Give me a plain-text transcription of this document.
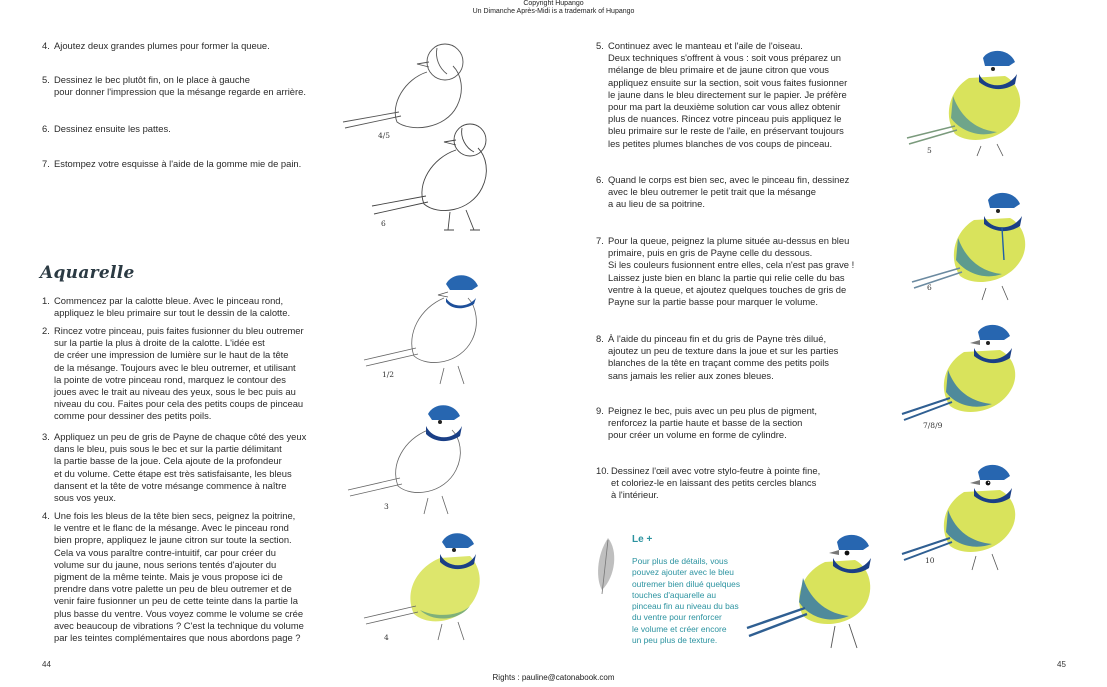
Copyright Hupango
Un Dimanche Après-Midi is a trademark of Hupango
4. Ajoutez deux grandes plumes pour former la queue.
5. Dessinez le bec plutôt fin, on le place à gauche
pour donner l'impression que la mésange regarde en arrière.
6. Dessinez ensuite les pattes.
7. Estompez votre esquisse à l'aide de la gomme mie de pain.
4/5
6
Aquarelle
1. Commencez par la calotte bleue. Avec le pinceau rond,
appliquez le bleu primaire sur tout le dessin de la calotte.
2. Rincez votre pinceau, puis faites fusionner du bleu outremer
sur la partie la plus à droite de la calotte. L'idée est
de créer une impression de lumière sur le haut de la tête
de la mésange. Toujours avec le bleu outremer, et utilisant
la pointe de votre pinceau rond, marquez le contour des
joues avec le trait au niveau des yeux, sous le bec puis au
niveau du cou. Faites pour cela des petits coups de pinceau
comme pour dessiner des petits poils.
3. Appliquez un peu de gris de Payne de chaque côté des yeux
dans le bleu, puis sous le bec et sur la partie délimitant
la partie basse de la joue. Cela ajoute de la profondeur
et du volume. Cette étape est très satisfaisante, les bleus
dansent et la tête de votre mésange commence à naître
sous vos yeux.
4. Une fois les bleus de la tête bien secs, peignez la poitrine,
le ventre et le flanc de la mésange. Avec le pinceau rond
bien propre, appliquez le jaune citron sur toute la section.
Cela va vous paraître contre-intuitif, car pour créer du
volume sur du jaune, nous serions tentés d'ajouter du
pigment de la même teinte. Mais je vous propose ici de
prendre dans votre palette un peu de bleu outremer et de
venir faire fusionner un peu de cette teinte dans la partie la
plus basse du ventre. Vous voyez comme le volume se crée
avec beaucoup de vibrations ? C'est la technique du volume
par les teintes complémentaires que nous abordons page ?
1/2
3
4
44
5. Continuez avec le manteau et l'aile de l'oiseau.
Deux techniques s'offrent à vous : soit vous préparez un
mélange de bleu primaire et de jaune citron que vous
appliquez ensuite sur la section, soit vous faites fusionner
le jaune dans le bleu directement sur le papier. Je préfère
pour ma part la deuxième solution car vous allez obtenir
plus de nuances. Rincez votre pinceau puis appliquez le
bleu primaire sur le reste de l'aile, en préservant toujours
les petites plumes blanches de vos coups de pinceau.
6. Quand le corps est bien sec, avec le pinceau fin, dessinez
avec le bleu outremer le petit trait que la mésange
a au lieu de sa poitrine.
7. Pour la queue, peignez la plume située au-dessus en bleu
primaire, puis en gris de Payne celle du dessous.
Si les couleurs fusionnent entre elles, cela n'est pas grave !
Laissez juste bien en blanc la partie qui relie celle du bas
ventre à la queue, et ajoutez quelques touches de gris de
Payne sur la partie basse pour marquer le volume.
8. À l'aide du pinceau fin et du gris de Payne très dilué,
ajoutez un peu de texture dans la joue et sur les parties
blanches de la tête en traçant comme des petits poils
sans jamais les relier aux zones bleues.
9. Peignez le bec, puis avec un peu plus de pigment,
renforcez la partie haute et basse de la section
pour créer un volume en forme de cylindre.
10. Dessinez l'œil avec votre stylo-feutre à pointe fine,
et coloriez-le en laissant des petits cercles blancs
à l'intérieur.
5
6
7/8/9
10
Le +
Pour plus de détails, vous
pouvez ajouter avec le bleu
outremer bien dilué quelques
touches d'aquarelle au
pinceau fin au niveau du bas
du ventre pour renforcer
le volume et créer encore
un peu plus de texture.
45
Rights : pauline@catonabook.com
